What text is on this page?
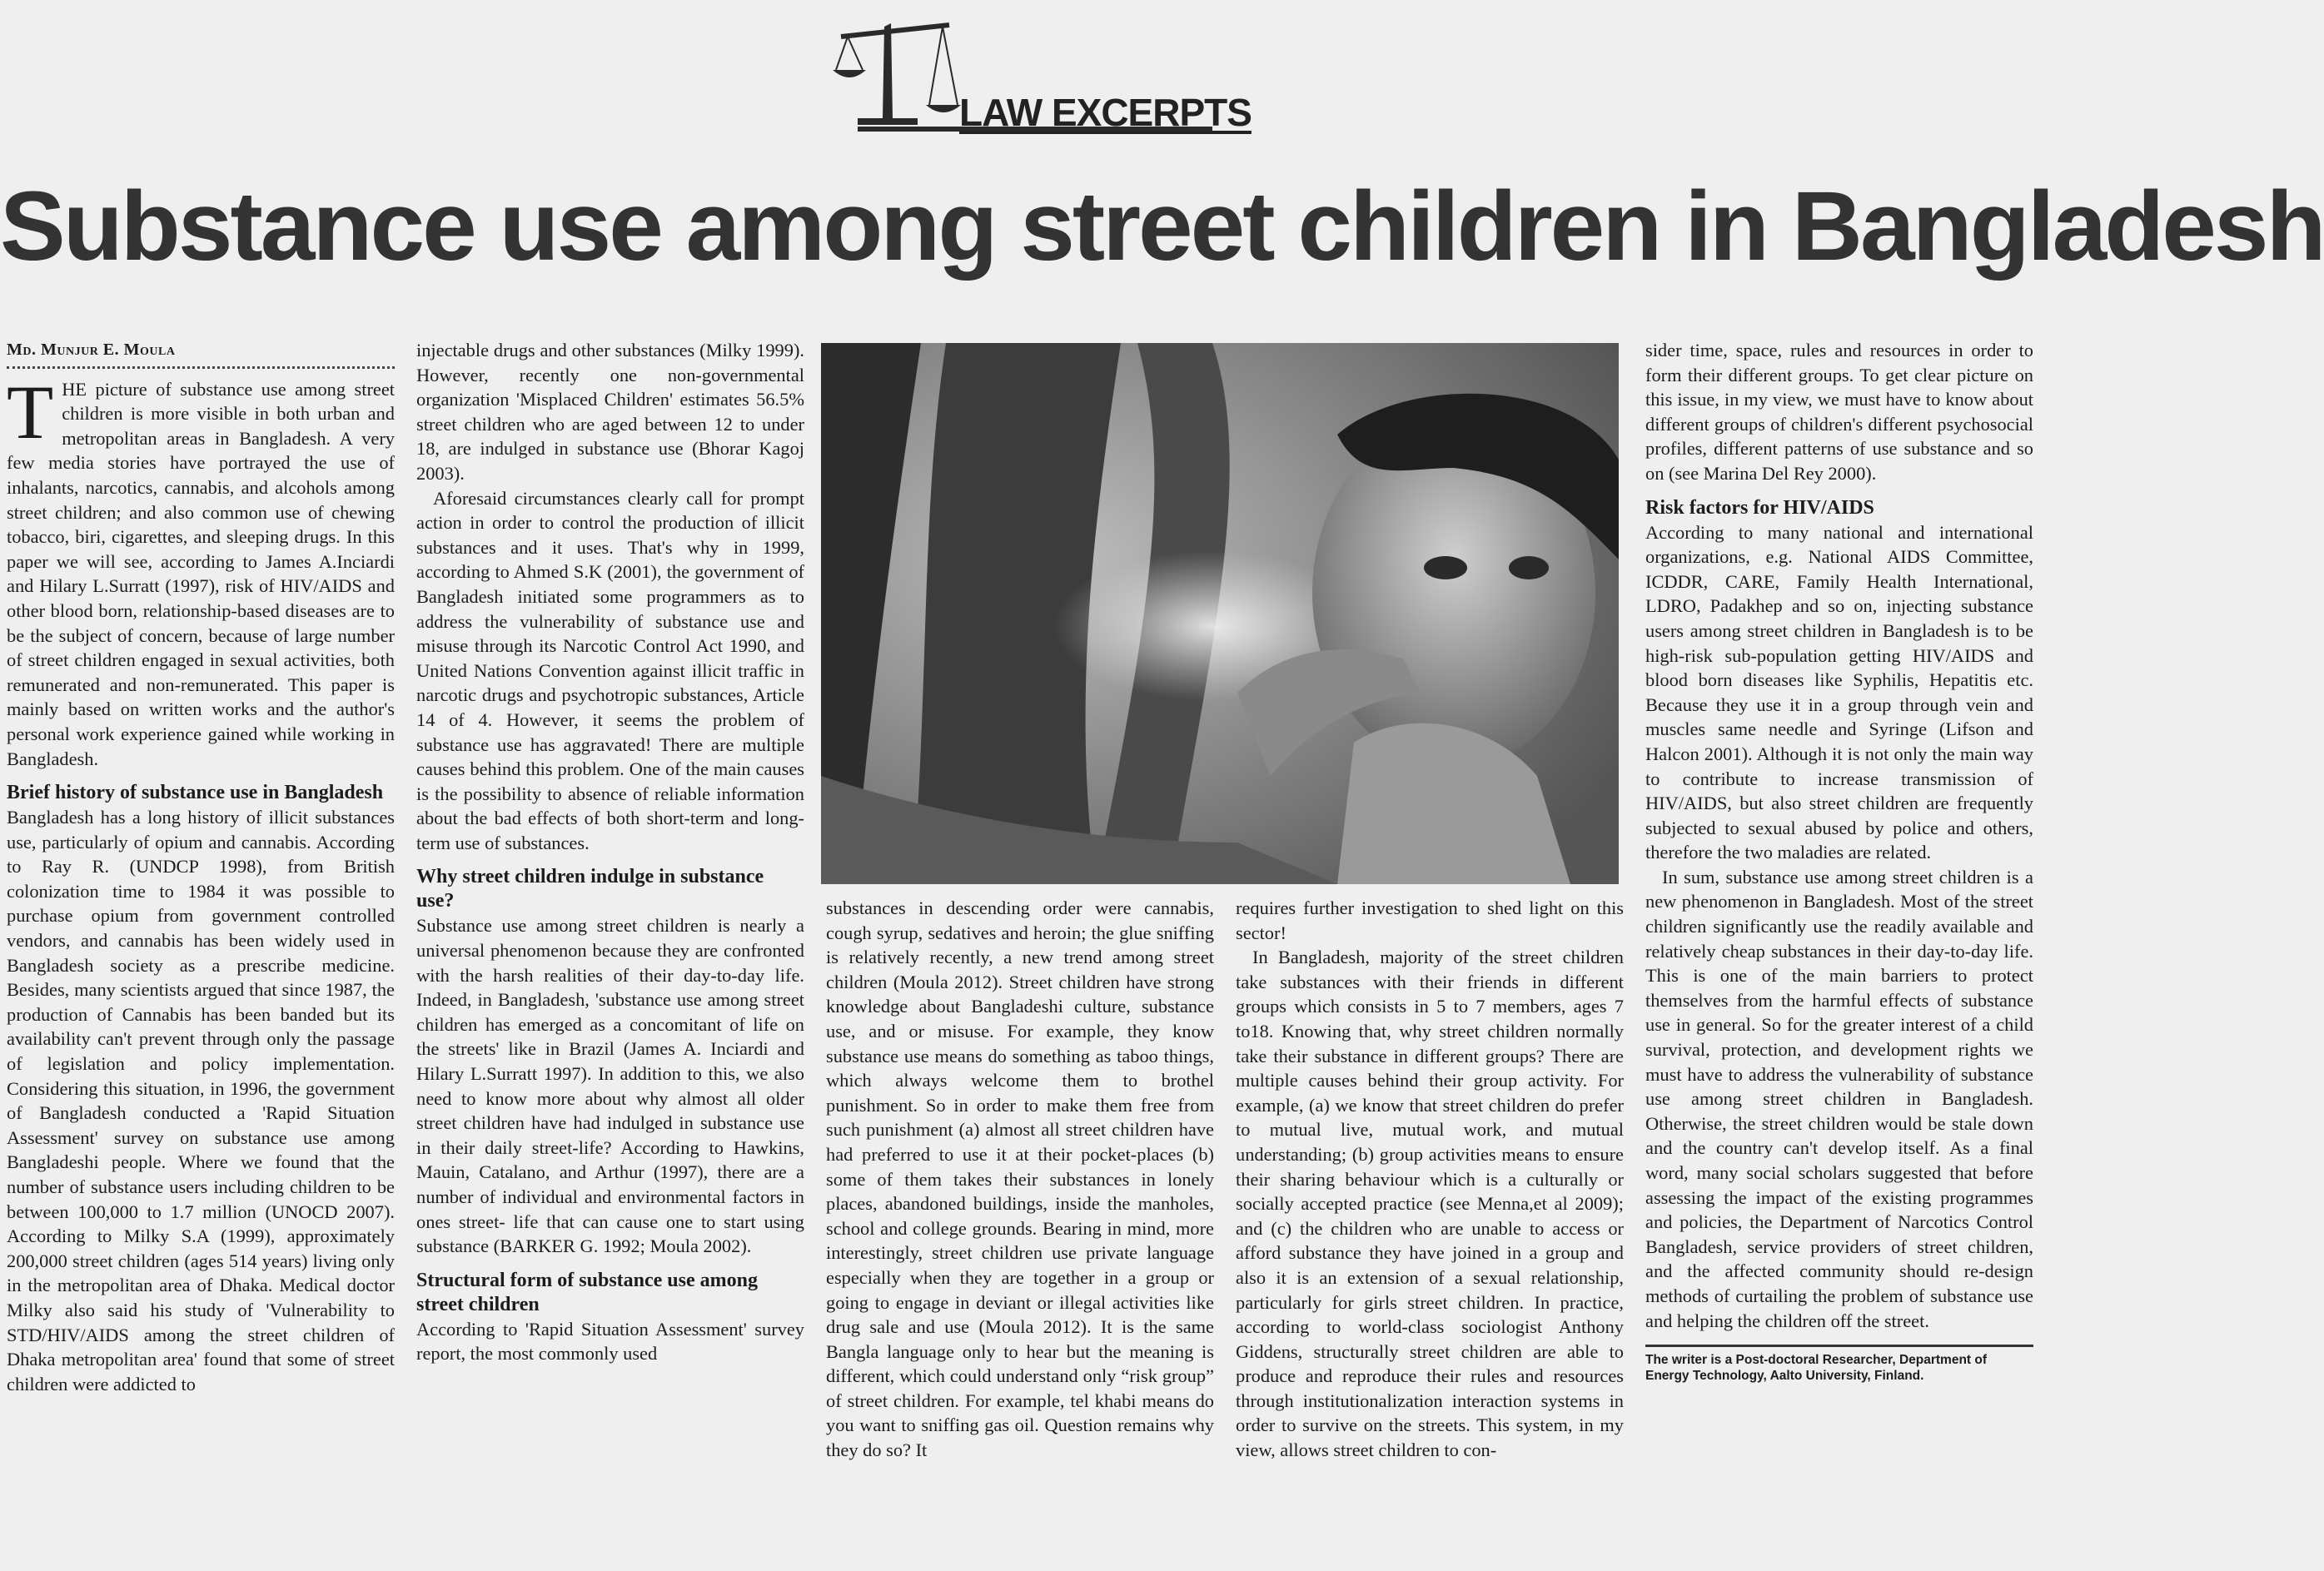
LAW EXCERPTS
Substance use among street children in Bangladesh
Md. Munjur E. Moula

THE picture of substance use among street children is more visible in both urban and metropolitan areas in Bangladesh. A very few media stories have portrayed the use of inhalants, narcotics, cannabis, and alcohols among street children; and also common use of chewing tobacco, biri, cigarettes, and sleeping drugs. In this paper we will see, according to James A.Inciardi and Hilary L.Surratt (1997), risk of HIV/AIDS and other blood born, relationship-based diseases are to be the subject of concern, because of large number of street children engaged in sexual activities, both remunerated and non-remunerated. This paper is mainly based on written works and the author's personal work experience gained while working in Bangladesh.

Brief history of substance use in Bangladesh

Bangladesh has a long history of illicit substances use, particularly of opium and cannabis. According to Ray R. (UNDCP 1998), from British colonization time to 1984 it was possible to purchase opium from government controlled vendors, and cannabis has been widely used in Bangladesh society as a prescribe medicine. Besides, many scientists argued that since 1987, the production of Cannabis has been banded but its availability can't prevent through only the passage of legislation and policy implementation. Considering this situation, in 1996, the government of Bangladesh conducted a 'Rapid Situation Assessment' survey on substance use among Bangladeshi people. Where we found that the number of substance users including children to be between 100,000 to 1.7 million (UNOCD 2007). According to Milky S.A (1999), approximately 200,000 street children (ages 514 years) living only in the metropolitan area of Dhaka. Medical doctor Milky also said his study of 'Vulnerability to STD/HIV/AIDS among the street children of Dhaka metropolitan area' found that some of street children were addicted to

injectable drugs and other substances (Milky 1999). However, recently one non-governmental organization 'Misplaced Children' estimates 56.5% street children who are aged between 12 to under 18, are indulged in substance use (Bhorar Kagoj 2003).

Aforesaid circumstances clearly call for prompt action in order to control the production of illicit substances and it uses. That's why in 1999, according to Ahmed S.K (2001), the government of Bangladesh initiated some programmers as to address the vulnerability of substance use and misuse through its Narcotic Control Act 1990, and United Nations Convention against illicit traffic in narcotic drugs and psychotropic substances, Article 14 of 4. However, it seems the problem of substance use has aggravated! There are multiple causes behind this problem. One of the main causes is the possibility to absence of reliable information about the bad effects of both short-term and long-term use of substances.

Why street children indulge in substance use?

Substance use among street children is nearly a universal phenomenon because they are confronted with the harsh realities of their day-to-day life. Indeed, in Bangladesh, 'substance use among street children has emerged as a concomitant of life on the streets' like in Brazil (James A. Inciardi and Hilary L.Surratt 1997). In addition to this, we also need to know more about why almost all older street children have had indulged in substance use in their daily street-life? According to Hawkins, Mauin, Catalano, and Arthur (1997), there are a number of individual and environmental factors in ones street- life that can cause one to start using substance (BARKER G. 1992; Moula 2002).

Structural form of substance use among street children

According to 'Rapid Situation Assessment' survey report, the most commonly used

substances in descending order were cannabis, cough syrup, sedatives and heroin; the glue sniffing is relatively recently, a new trend among street children (Moula 2012). Street children have strong knowledge about Bangladeshi culture, substance use, and or misuse. For example, they know substance use means do something as taboo things, which always welcome them to brothel punishment. So in order to make them free from such punishment (a) almost all street children have had preferred to use it at their pocket-places (b) some of them takes their substances in lonely places, abandoned buildings, inside the manholes, school and college grounds. Bearing in mind, more interestingly, street children use private language especially when they are together in a group or going to engage in deviant or illegal activities like drug sale and use (Moula 2012). It is the same Bangla language only to hear but the meaning is different, which could understand only “risk group” of street children. For example, tel khabi means do you want to sniffing gas oil. Question remains why they do so? It

requires further investigation to shed light on this sector!

In Bangladesh, majority of the street children take substances with their friends in different groups which consists in 5 to 7 members, ages 7 to18. Knowing that, why street children normally take their substance in different groups? There are multiple causes behind their group activity. For example, (a) we know that street children do prefer to mutual live, mutual work, and mutual understanding; (b) group activities means to ensure their sharing behaviour which is a culturally or socially accepted practice (see Menna,et al 2009); and (c) the children who are unable to access or afford substance they have joined in a group and also it is an extension of a sexual relationship, particularly for girls street children. In practice, according to world-class sociologist Anthony Giddens, structurally street children are able to produce and reproduce their rules and resources through institutionalization interaction systems in order to survive on the streets. This system, in my view, allows street children to con-

sider time, space, rules and resources in order to form their different groups. To get clear picture on this issue, in my view, we must have to know about different groups of children's different psychosocial profiles, different patterns of use substance and so on (see Marina Del Rey 2000).

Risk factors for HIV/AIDS

According to many national and international organizations, e.g. National AIDS Committee, ICDDR, CARE, Family Health International, LDRO, Padakhep and so on, injecting substance users among street children in Bangladesh is to be high-risk sub-population getting HIV/AIDS and blood born diseases like Syphilis, Hepatitis etc. Because they use it in a group through vein and muscles same needle and Syringe (Lifson and Halcon 2001). Although it is not only the main way to contribute to increase transmission of HIV/AIDS, but also street children are frequently subjected to sexual abused by police and others, therefore the two maladies are related.

In sum, substance use among street children is a new phenomenon in Bangladesh. Most of the street children significantly use the readily available and relatively cheap substances in their day-to-day life. This is one of the main barriers to protect themselves from the harmful effects of substance use in general. So for the greater interest of a child survival, protection, and development rights we must have to address the vulnerability of substance use among street children in Bangladesh. Otherwise, the street children would be stale down and the country can't develop itself. As a final word, many social scholars suggested that before assessing the impact of the existing programmes and policies, the Department of Narcotics Control Bangladesh, service providers of street children, and the affected community should re-design methods of curtailing the problem of substance use and helping the children off the street.

The writer is a Post-doctoral Researcher, Department of Energy Technology, Aalto University, Finland.
